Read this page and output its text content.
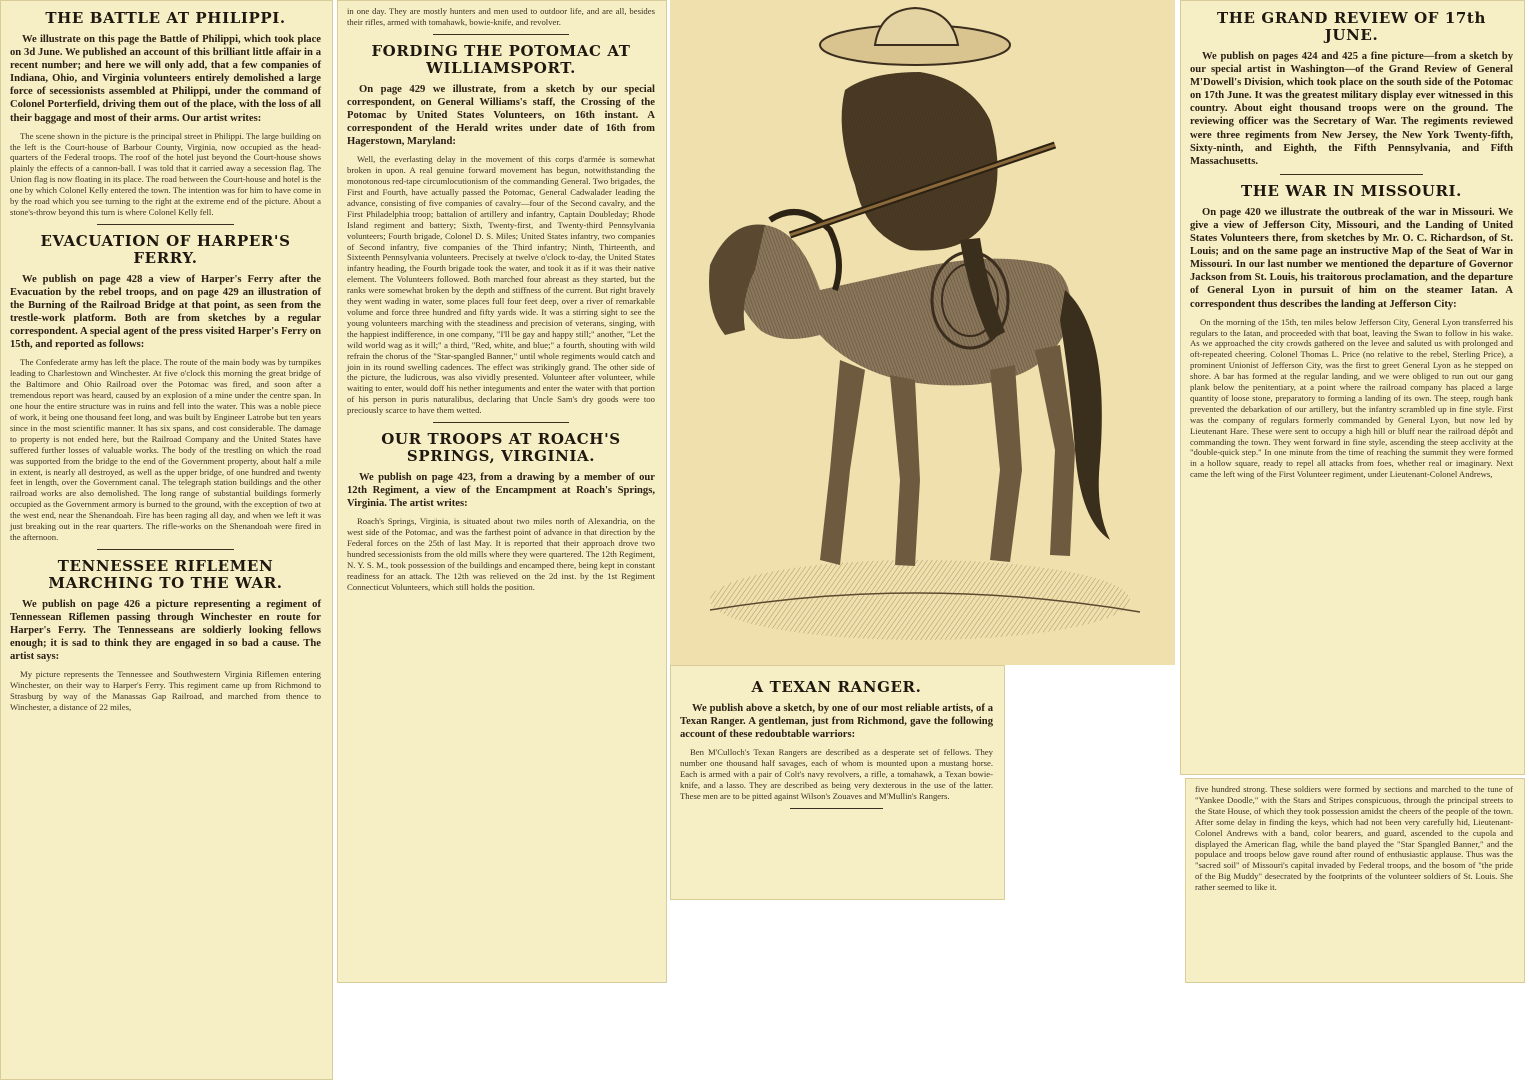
THE BATTLE AT PHILIPPI.

We illustrate on this page the Battle of Philippi, which took place on 3d June. We published an account of this brilliant little affair in a recent number; and here we will only add, that a few companies of Indiana, Ohio, and Virginia volunteers entirely demolished a large force of secessionists assembled at Philippi, under the command of Colonel Porterfield, driving them out of the place, with the loss of all their baggage and most of their arms. Our artist writes:

The scene shown in the picture is the principal street in Philippi. The large building on the left is the Court-house of Barbour County, Virginia, now occupied as the head-quarters of the Federal troops. The roof of the hotel just beyond the Court-house shows plainly the effects of a cannon-ball. I was told that it carried away a secession flag. The Union flag is now floating in its place. The road between the Court-house and hotel is the one by which Colonel Kelly entered the town. The intention was for him to have come in by the road which you see turning to the right at the extreme end of the picture. About a stone's-throw beyond this turn is where Colonel Kelly fell.

EVACUATION OF HARPER'S FERRY.

We publish on page 428 a view of Harper's Ferry after the Evacuation by the rebel troops, and on page 429 an illustration of the Burning of the Railroad Bridge at that point, as seen from the trestle-work platform. Both are from sketches by a regular correspondent. A special agent of the press visited Harper's Ferry on 15th, and reported as follows:

The Confederate army has left the place. The route of the main body was by turnpikes leading to Charlestown and Winchester. At five o'clock this morning the great bridge of the Baltimore and Ohio Railroad over the Potomac was fired, and soon after a tremendous report was heard, caused by an explosion of a mine under the centre span. In one hour the entire structure was in ruins and fell into the water. This was a noble piece of work, it being one thousand feet long, and was built by Engineer Latrobe but ten years since in the most scientific manner. It has six spans, and cost considerable. The damage to property is not ended here, but the Railroad Company and the United States have suffered further losses of valuable works. The body of the trestling on which the road was supported from the bridge to the end of the Government property, about half a mile in extent, is nearly all destroyed, as well as the upper bridge, of one hundred and twenty feet in length, over the Government canal. The telegraph station buildings and the other railroad works are also demolished. The long range of substantial buildings formerly occupied as the Government armory is burned to the ground, with the exception of two at the west end, near the Shenandoah. Fire has been raging all day, and when we left it was just breaking out in the rear quarters. The rifle-works on the Shenandoah were fired in the afternoon.

TENNESSEE RIFLEMEN MARCHING TO THE WAR.

We publish on page 426 a picture representing a regiment of Tennessean Riflemen passing through Winchester en route for Harper's Ferry. The Tennesseans are soldierly looking fellows enough; it is sad to think they are engaged in so bad a cause. The artist says:

My picture represents the Tennessee and Southwestern Virginia Riflemen entering Winchester, on their way to Harper's Ferry. This regiment came up from Richmond to Strasburg by way of the Manassas Gap Railroad, and marched from thence to Winchester, a distance of 22 miles,

in one day. They are mostly hunters and men used to outdoor life, and are all, besides their rifles, armed with tomahawk, bowie-knife, and revolver.

FORDING THE POTOMAC AT WILLIAMSPORT.

On page 429 we illustrate, from a sketch by our special correspondent, on General Williams's staff, the Crossing of the Potomac by United States Volunteers, on 16th instant. A correspondent of the Herald writes under date of 16th from Hagerstown, Maryland:

Well, the everlasting delay in the movement of this corps d'armée is somewhat broken in upon. A real genuine forward movement has begun, notwithstanding the monotonous red-tape circumlocutionism of the commanding General. Two brigades, the First and Fourth, have actually passed the Potomac, General Cadwalader leading the advance, consisting of five companies of cavalry—four of the Second cavalry, and the First Philadelphia troop; battalion of artillery and infantry, Captain Doubleday; Rhode Island regiment and battery; Sixth, Twenty-first, and Twenty-third Pennsylvania volunteers; Fourth brigade, Colonel D. S. Miles; United States infantry, two companies of Second infantry, five companies of the Third infantry; Ninth, Thirteenth, and Sixteenth Pennsylvania volunteers. Precisely at twelve o'clock to-day, the United States infantry heading, the Fourth brigade took the water, and took it as if it was their native element. The Volunteers followed. Both marched four abreast as they started, but the ranks were somewhat broken by the depth and stiffness of the current. But right bravely they went wading in water, some places full four feet deep, over a river of remarkable volume and force three hundred and fifty yards wide. It was a stirring sight to see the young volunteers marching with the steadiness and precision of veterans, singing, with the happiest indifference, in one company, "I'll be gay and happy still;" another, "Let the wild world wag as it will;" a third, "Red, white, and blue;" a fourth, shouting with wild refrain the chorus of the "Star-spangled Banner," until whole regiments would catch and join in its round swelling cadences. The effect was strikingly grand. The other side of the picture, the ludicrous, was also vividly presented. Volunteer after volunteer, while waiting to enter, would doff his nether integuments and enter the water with that portion of his person in puris naturalibus, declaring that Uncle Sam's dry goods were too preciously scarce to have them wetted.

OUR TROOPS AT ROACH'S SPRINGS, VIRGINIA.

We publish on page 423, from a drawing by a member of our 12th Regiment, a view of the Encampment at Roach's Springs, Virginia. The artist writes:

Roach's Springs, Virginia, is situated about two miles north of Alexandria, on the west side of the Potomac, and was the farthest point of advance in that direction by the Federal forces on the 25th of last May. It is reported that their approach drove two hundred secessionists from the old mills where they were quartered. The 12th Regiment, N. Y. S. M., took possession of the buildings and encamped there, being kept in constant readiness for an attack. The 12th was relieved on the 2d inst. by the 1st Regiment Connecticut Volunteers, which still holds the position.

A TEXAN RANGER.

We publish above a sketch, by one of our most reliable artists, of a Texan Ranger. A gentleman, just from Richmond, gave the following account of these redoubtable warriors:

Ben M'Culloch's Texan Rangers are described as a desperate set of fellows. They number one thousand half savages, each of whom is mounted upon a mustang horse. Each is armed with a pair of Colt's navy revolvers, a rifle, a tomahawk, a Texan bowie-knife, and a lasso. They are described as being very dexterous in the use of the latter. These men are to be pitted against Wilson's Zouaves and M'Mullin's Rangers.

THE GRAND REVIEW OF 17th JUNE.

We publish on pages 424 and 425 a fine picture—from a sketch by our special artist in Washington—of the Grand Review of General M'Dowell's Division, which took place on the south side of the Potomac on 17th June. It was the greatest military display ever witnessed in this country. About eight thousand troops were on the ground. The reviewing officer was the Secretary of War. The regiments reviewed were three regiments from New Jersey, the New York Twenty-fifth, Sixty-ninth, and Eighth, the Fifth Pennsylvania, and Fifth Massachusetts.

THE WAR IN MISSOURI.

On page 420 we illustrate the outbreak of the war in Missouri. We give a view of Jefferson City, Missouri, and the Landing of United States Volunteers there, from sketches by Mr. O. C. Richardson, of St. Louis; and on the same page an instructive Map of the Seat of War in Missouri. In our last number we mentioned the departure of Governor Jackson from St. Louis, his traitorous proclamation, and the departure of General Lyon in pursuit of him on the steamer Iatan. A correspondent thus describes the landing at Jefferson City:

On the morning of the 15th, ten miles below Jefferson City, General Lyon transferred his regulars to the Iatan, and proceeded with that boat, leaving the Swan to follow in his wake. As we approached the city crowds gathered on the levee and saluted us with prolonged and oft-repeated cheering. Colonel Thomas L. Price (no relative to the rebel, Sterling Price), a prominent Unionist of Jefferson City, was the first to greet General Lyon as he stepped on shore. A bar has formed at the regular landing, and we were obliged to run out our gang plank below the penitentiary, at a point where the railroad company has placed a large quantity of loose stone, preparatory to forming a landing of its own. The steep, rough bank prevented the debarkation of our artillery, but the infantry scrambled up in fine style. First was the company of regulars formerly commanded by General Lyon, but now led by Lieutenant Hare. These were sent to occupy a high hill or bluff near the railroad dépôt and commanding the town. They went forward in fine style, ascending the steep acclivity at the "double-quick step." In one minute from the time of reaching the summit they were formed in a hollow square, ready to repel all attacks from foes, whether real or imaginary. Next came the left wing of the First Volunteer regiment, under Lieutenant-Colonel Andrews,

five hundred strong. These soldiers were formed by sections and marched to the tune of "Yankee Doodle," with the Stars and Stripes conspicuous, through the principal streets to the State House, of which they took possession amidst the cheers of the people of the town. After some delay in finding the keys, which had not been very carefully hid, Lieutenant-Colonel Andrews with a band, color bearers, and guard, ascended to the cupola and displayed the American flag, while the band played the "Star Spangled Banner," and the populace and troops below gave round after round of enthusiastic applause. Thus was the "sacred soil" of Missouri's capital invaded by Federal troops, and the bosom of "the pride of the Big Muddy" desecrated by the footprints of the volunteer soldiers of St. Louis. She rather seemed to like it.
